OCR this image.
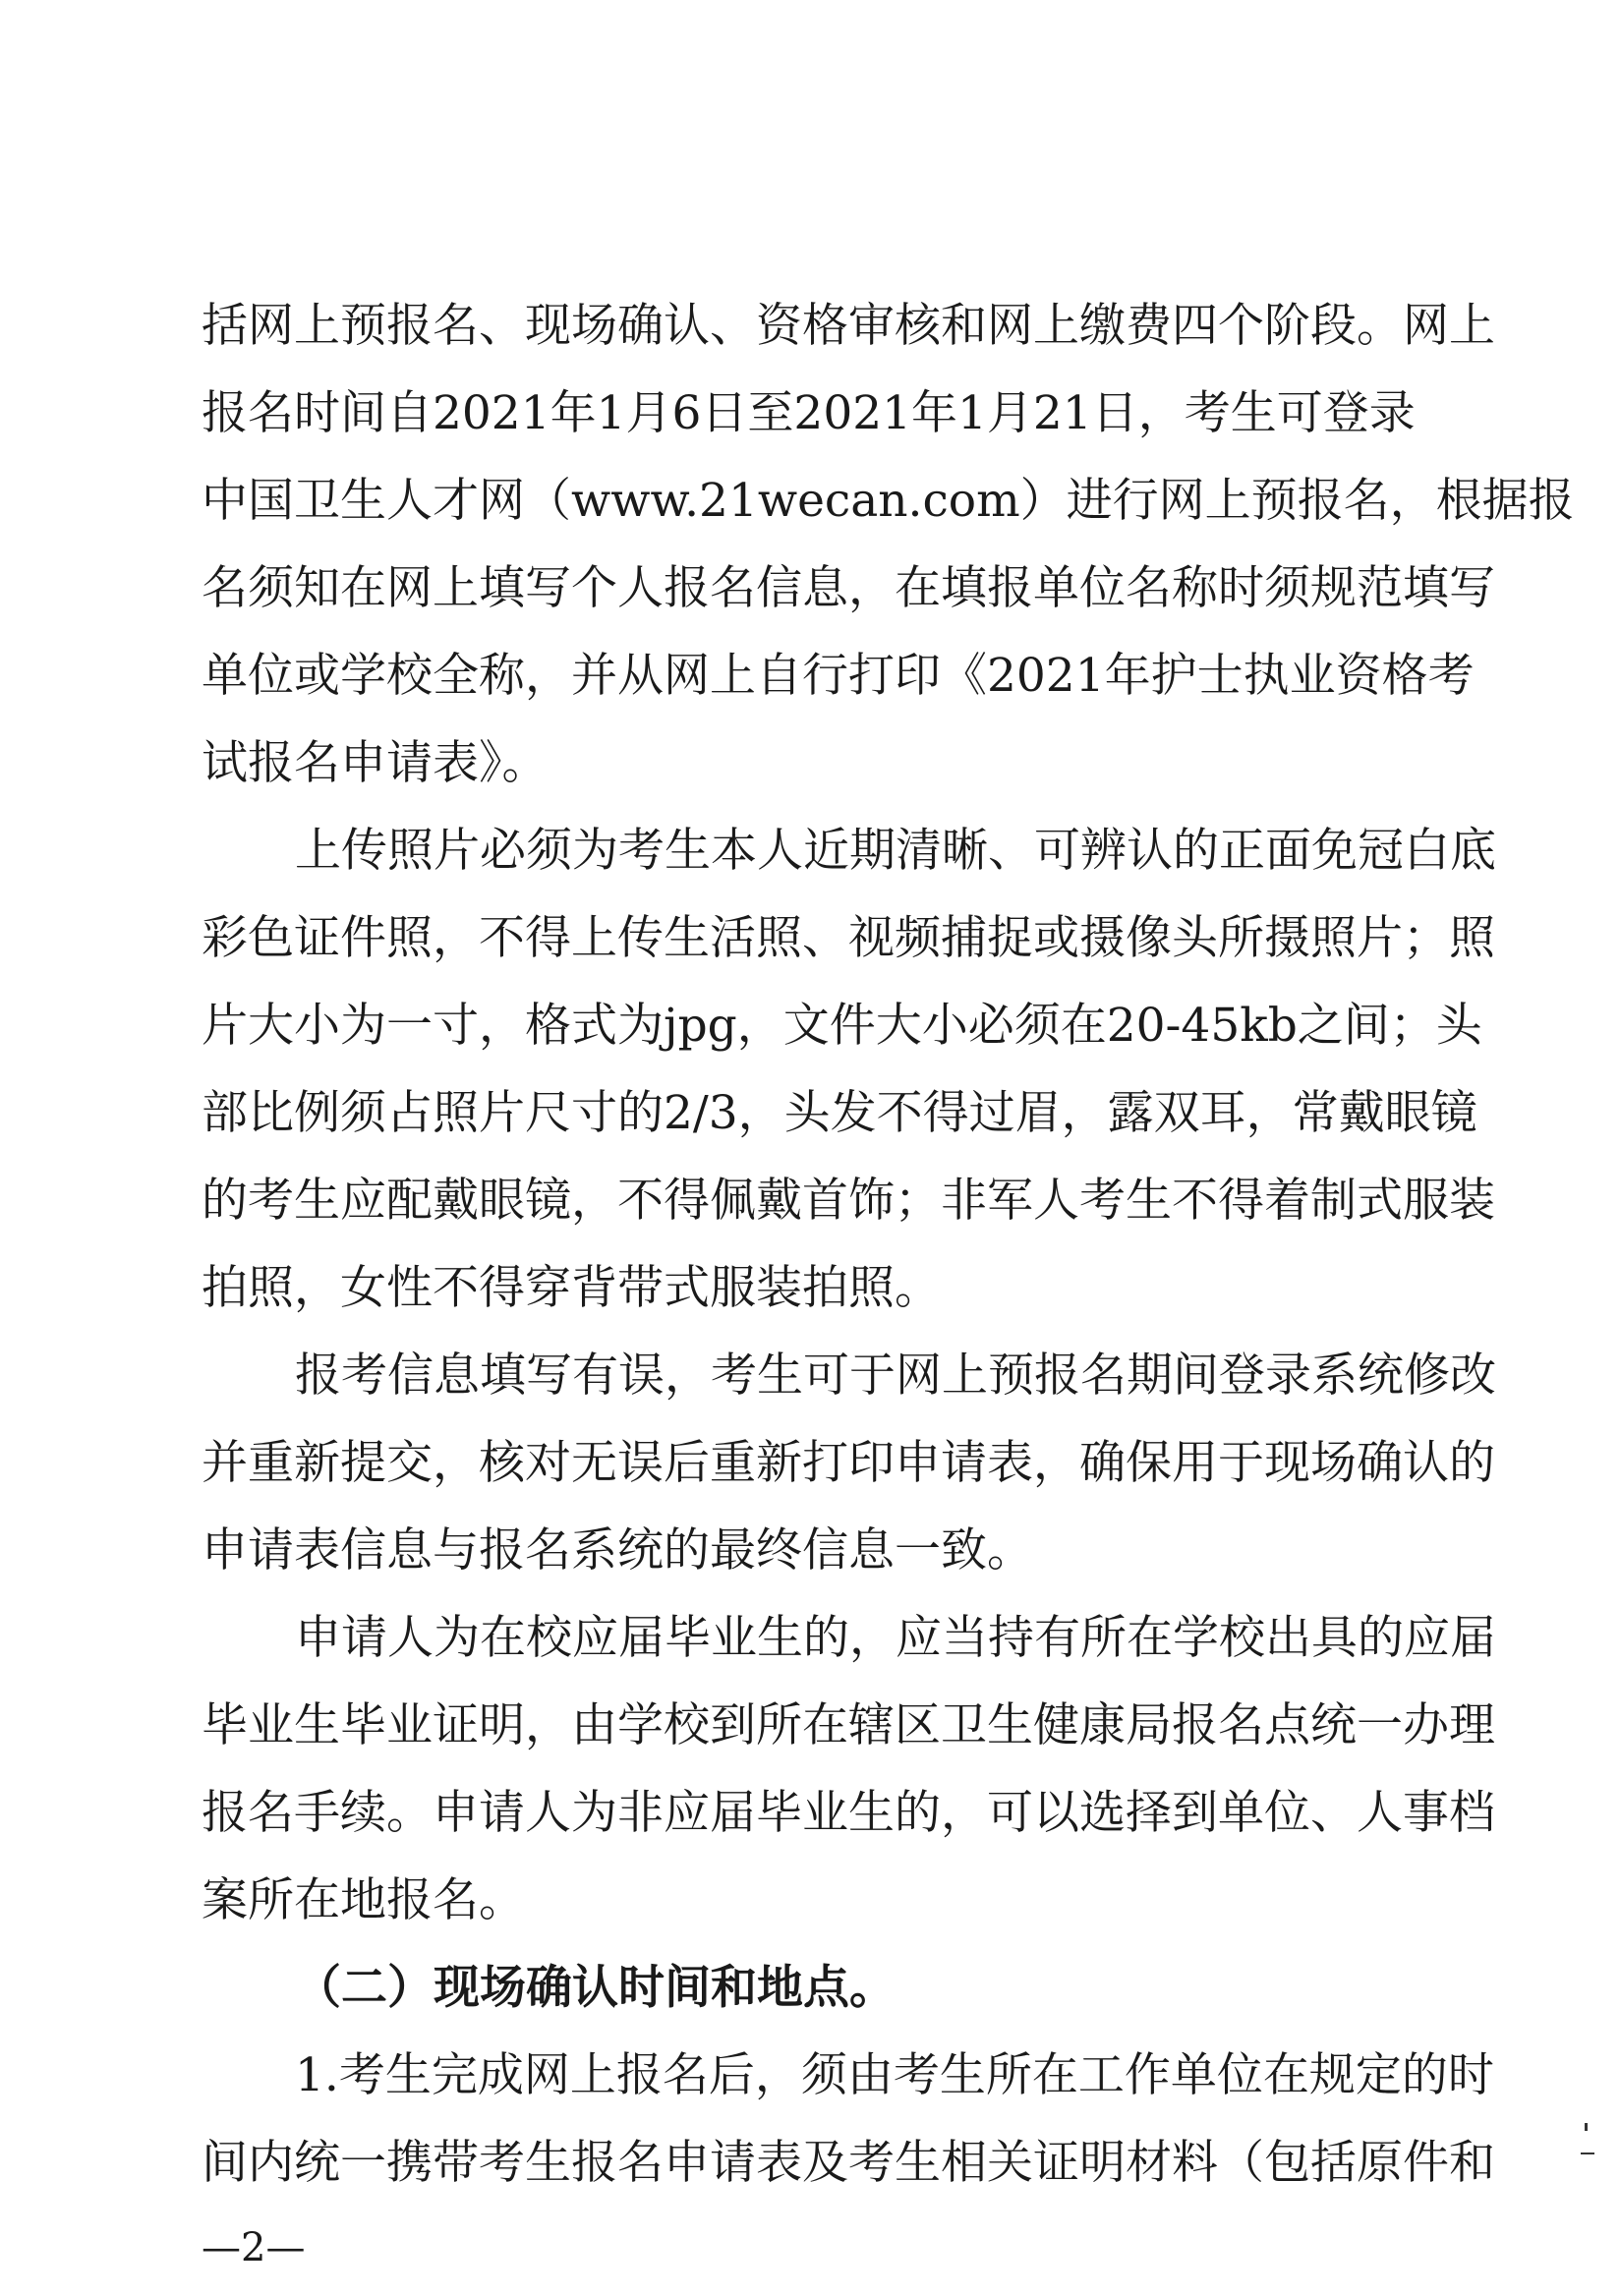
括网上预报名、现场确认、资格审核和网上缴费四个阶段。网上
报名时间自2021年1月6日至2021年1月21日，考生可登录
中国卫生人才网（www.21wecan.com）进行网上预报名，根据报
名须知在网上填写个人报名信息，在填报单位名称时须规范填写
单位或学校全称，并从网上自行打印《2021年护士执业资格考
试报名申请表》。
上传照片必须为考生本人近期清晰、可辨认的正面免冠白底
彩色证件照，不得上传生活照、视频捕捉或摄像头所摄照片；照
片大小为一寸，格式为jpg，文件大小必须在20-45kb之间；头
部比例须占照片尺寸的2/3，头发不得过眉，露双耳，常戴眼镜
的考生应配戴眼镜，不得佩戴首饰；非军人考生不得着制式服装
拍照，女性不得穿背带式服装拍照。
报考信息填写有误，考生可于网上预报名期间登录系统修改
并重新提交，核对无误后重新打印申请表，确保用于现场确认的
申请表信息与报名系统的最终信息一致。
申请人为在校应届毕业生的，应当持有所在学校出具的应届
毕业生毕业证明，由学校到所在辖区卫生健康局报名点统一办理
报名手续。申请人为非应届毕业生的，可以选择到单位、人事档
案所在地报名。
（二）现场确认时间和地点。
1.考生完成网上报名后，须由考生所在工作单位在规定的时
间内统一携带考生报名申请表及考生相关证明材料（包括原件和
—2—
